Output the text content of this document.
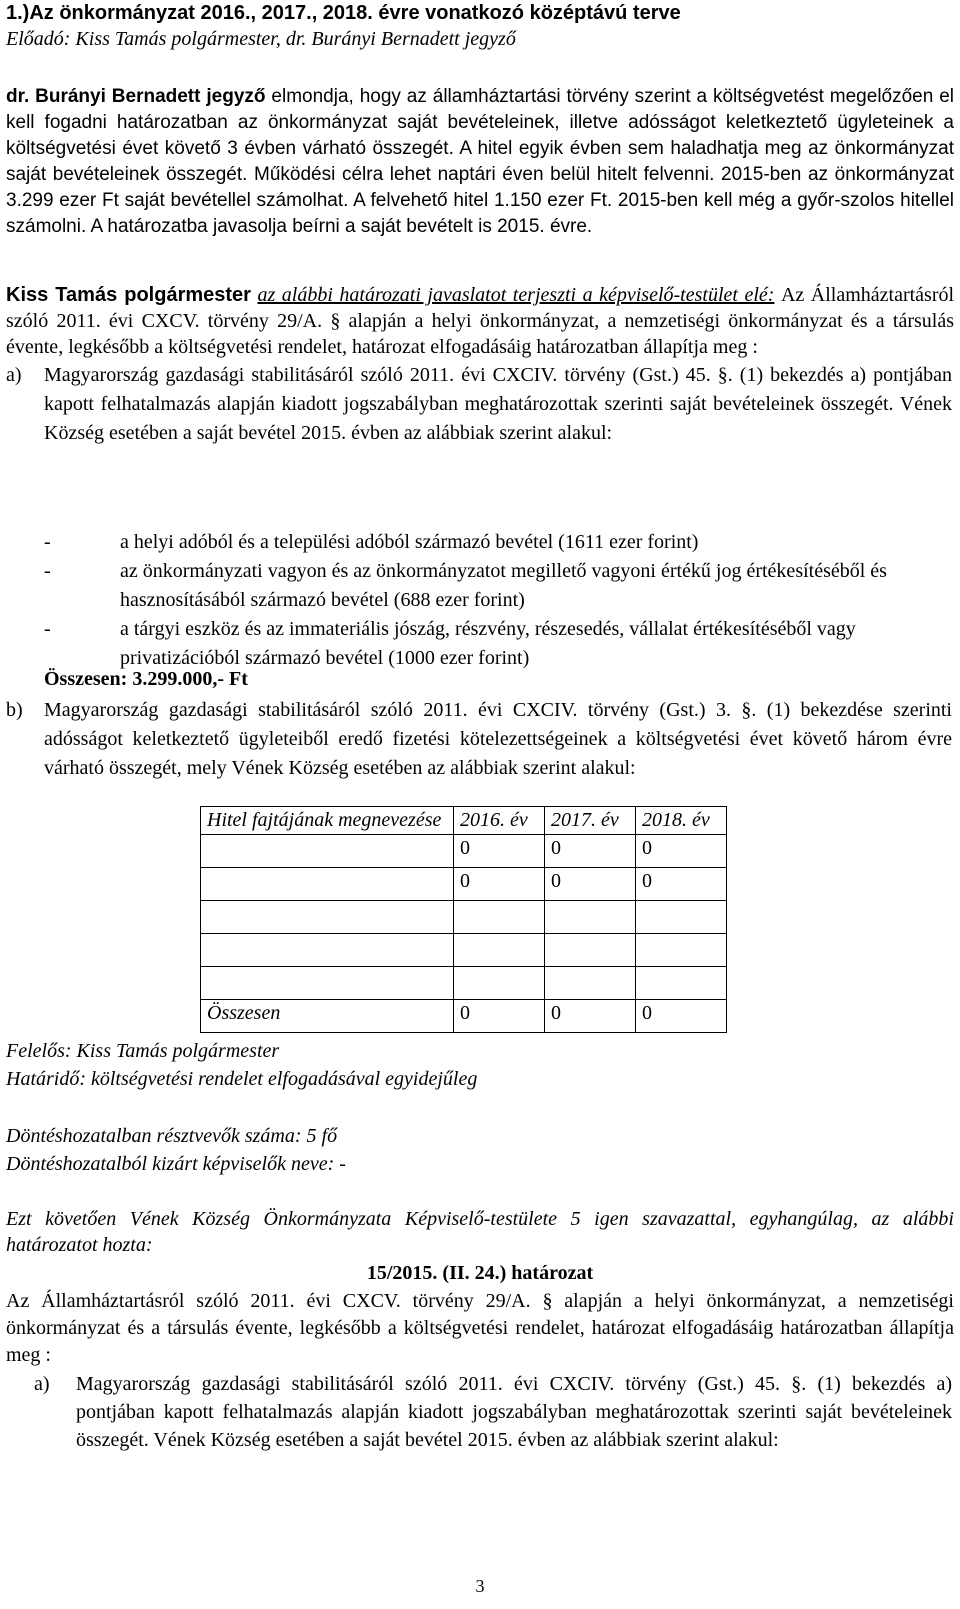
1.)Az önkormányzat 2016., 2017., 2018. évre vonatkozó középtávú terve
Előadó: Kiss Tamás polgármester, dr. Burányi Bernadett jegyző
dr. Burányi Bernadett jegyző elmondja, hogy az államháztartási törvény szerint a költségvetést megelőzően el kell fogadni határozatban az önkormányzat saját bevételeinek, illetve adósságot keletkeztető ügyleteinek a költségvetési évet követő 3 évben várható összegét. A hitel egyik évben sem haladhatja meg az önkormányzat saját bevételeinek összegét. Működési célra lehet naptári éven belül hitelt felvenni. 2015-ben az önkormányzat 3.299 ezer Ft saját bevétellel számolhat. A felvehető hitel 1.150 ezer Ft. 2015-ben kell még a győr-szolos hitellel számolni. A határozatba javasolja beírni a saját bevételt is 2015. évre.
Kiss Tamás polgármester az alábbi határozati javaslatot terjeszti a képviselő-testület elé: Az Államháztartásról szóló 2011. évi CXCV. törvény 29/A. § alapján a helyi önkormányzat, a nemzetiségi önkormányzat és a társulás évente, legkésőbb a költségvetési rendelet, határozat elfogadásáig határozatban állapítja meg :
a) Magyarország gazdasági stabilitásáról szóló 2011. évi CXCIV. törvény (Gst.) 45. §. (1) bekezdés a) pontjában kapott felhatalmazás alapján kiadott jogszabályban meghatározottak szerinti saját bevételeinek összegét. Vének Község esetében a saját bevétel 2015. évben az alábbiak szerint alakul:
-	a helyi adóból és a települési adóból származó bevétel (1611 ezer forint)
-	az önkormányzati vagyon és az önkormányzatot megillető vagyoni értékű jog értékesítéséből és hasznosításából származó bevétel (688 ezer forint)
-	a tárgyi eszköz és az immateriális jószág, részvény, részesedés, vállalat értékesítéséből vagy privatizációból származó bevétel (1000 ezer forint)
Összesen: 3.299.000,- Ft
b) Magyarország gazdasági stabilitásáról szóló 2011. évi CXCIV. törvény (Gst.) 3. §. (1) bekezdése szerinti adósságot keletkeztető ügyleteiből eredő fizetési kötelezettségeinek a költségvetési évet követő három évre várható összegét, mely Vének Község esetében az alábbiak szerint alakul:
Hitel fajtájának megnevezése	2016. év	2017. év	2018. év
	0	0	0
	0	0	0

Összesen	0	0	0
Felelős: Kiss Tamás polgármester
Határidő: költségvetési rendelet elfogadásával egyidejűleg
Döntéshozatalban résztvevők száma: 5 fő
Döntéshozatalból kizárt képviselők neve: -
Ezt követően Vének Község Önkormányzata Képviselő-testülete 5 igen szavazattal, egyhangúlag, az alábbi határozatot hozta:
15/2015. (II. 24.) határozat
Az Államháztartásról szóló 2011. évi CXCV. törvény 29/A. § alapján a helyi önkormányzat, a nemzetiségi önkormányzat és a társulás évente, legkésőbb a költségvetési rendelet, határozat elfogadásáig határozatban állapítja meg :
a) Magyarország gazdasági stabilitásáról szóló 2011. évi CXCIV. törvény (Gst.) 45. §. (1) bekezdés a) pontjában kapott felhatalmazás alapján kiadott jogszabályban meghatározottak szerinti saját bevételeinek összegét. Vének Község esetében a saját bevétel 2015. évben az alábbiak szerint alakul:
3
